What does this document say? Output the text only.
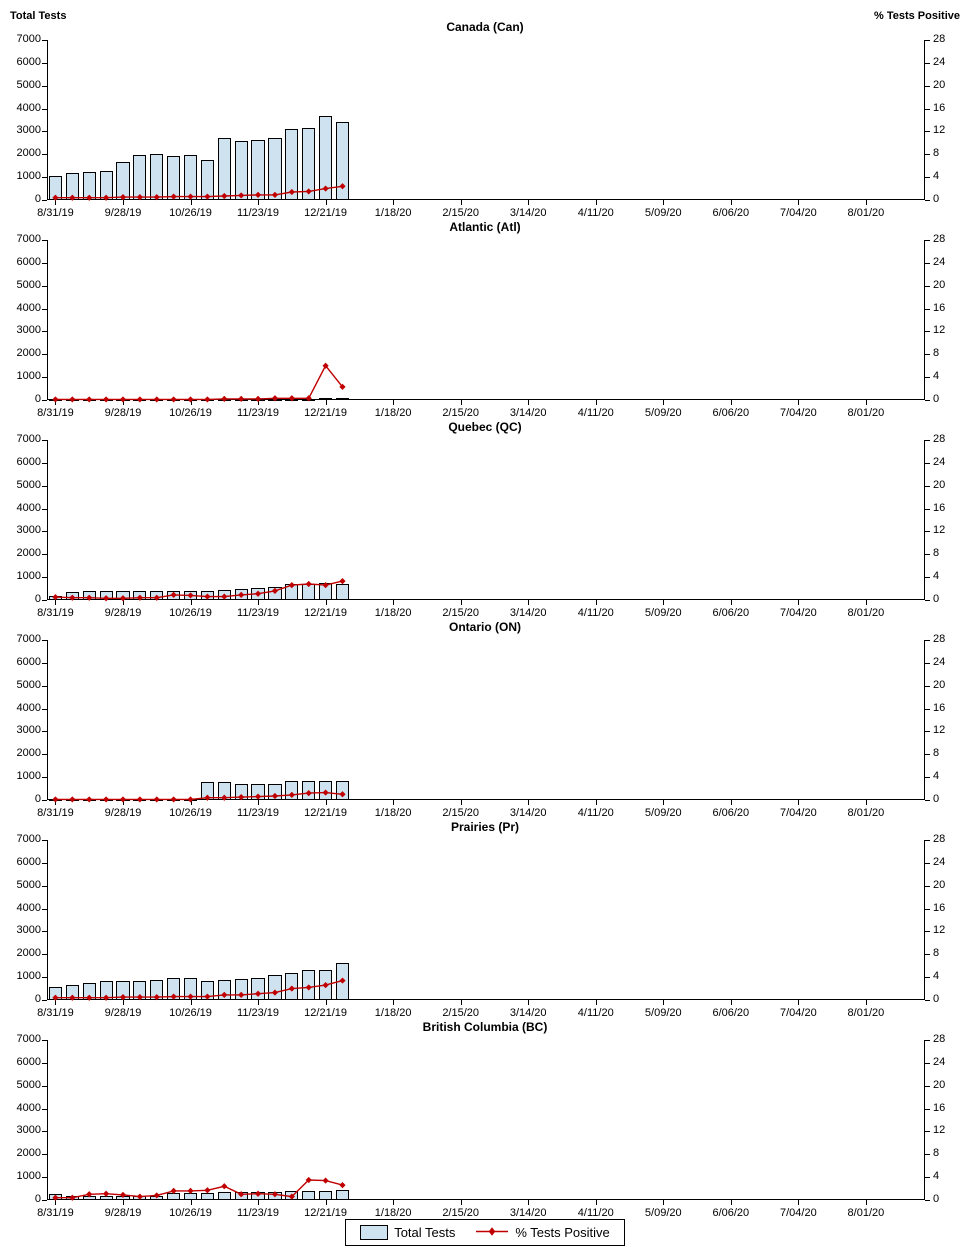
Total Tests	% Tests Positive
Canada (Can)
0
1000
2000
3000
4000
5000
6000
7000
0
4
8
12
16
20
24
28
8/31/19	9/28/19	10/26/19	11/23/19	12/21/19	1/18/20	2/15/20	3/14/20	4/11/20	5/09/20	6/06/20	7/04/20	8/01/20
Atlantic (Atl)
0
1000
2000
3000
4000
5000
6000
7000
0
4
8
12
16
20
24
28
8/31/19	9/28/19	10/26/19	11/23/19	12/21/19	1/18/20	2/15/20	3/14/20	4/11/20	5/09/20	6/06/20	7/04/20	8/01/20
Quebec (QC)
0
1000
2000
3000
4000
5000
6000
7000
0
4
8
12
16
20
24
28
8/31/19	9/28/19	10/26/19	11/23/19	12/21/19	1/18/20	2/15/20	3/14/20	4/11/20	5/09/20	6/06/20	7/04/20	8/01/20
Ontario (ON)
0
1000
2000
3000
4000
5000
6000
7000
0
4
8
12
16
20
24
28
8/31/19	9/28/19	10/26/19	11/23/19	12/21/19	1/18/20	2/15/20	3/14/20	4/11/20	5/09/20	6/06/20	7/04/20	8/01/20
Prairies (Pr)
0
1000
2000
3000
4000
5000
6000
7000
0
4
8
12
16
20
24
28
8/31/19	9/28/19	10/26/19	11/23/19	12/21/19	1/18/20	2/15/20	3/14/20	4/11/20	5/09/20	6/06/20	7/04/20	8/01/20
British Columbia (BC)
0
1000
2000
3000
4000
5000
6000
7000
0
4
8
12
16
20
24
28
8/31/19	9/28/19	10/26/19	11/23/19	12/21/19	1/18/20	2/15/20	3/14/20	4/11/20	5/09/20	6/06/20	7/04/20	8/01/20
Total Tests	% Tests Positive
